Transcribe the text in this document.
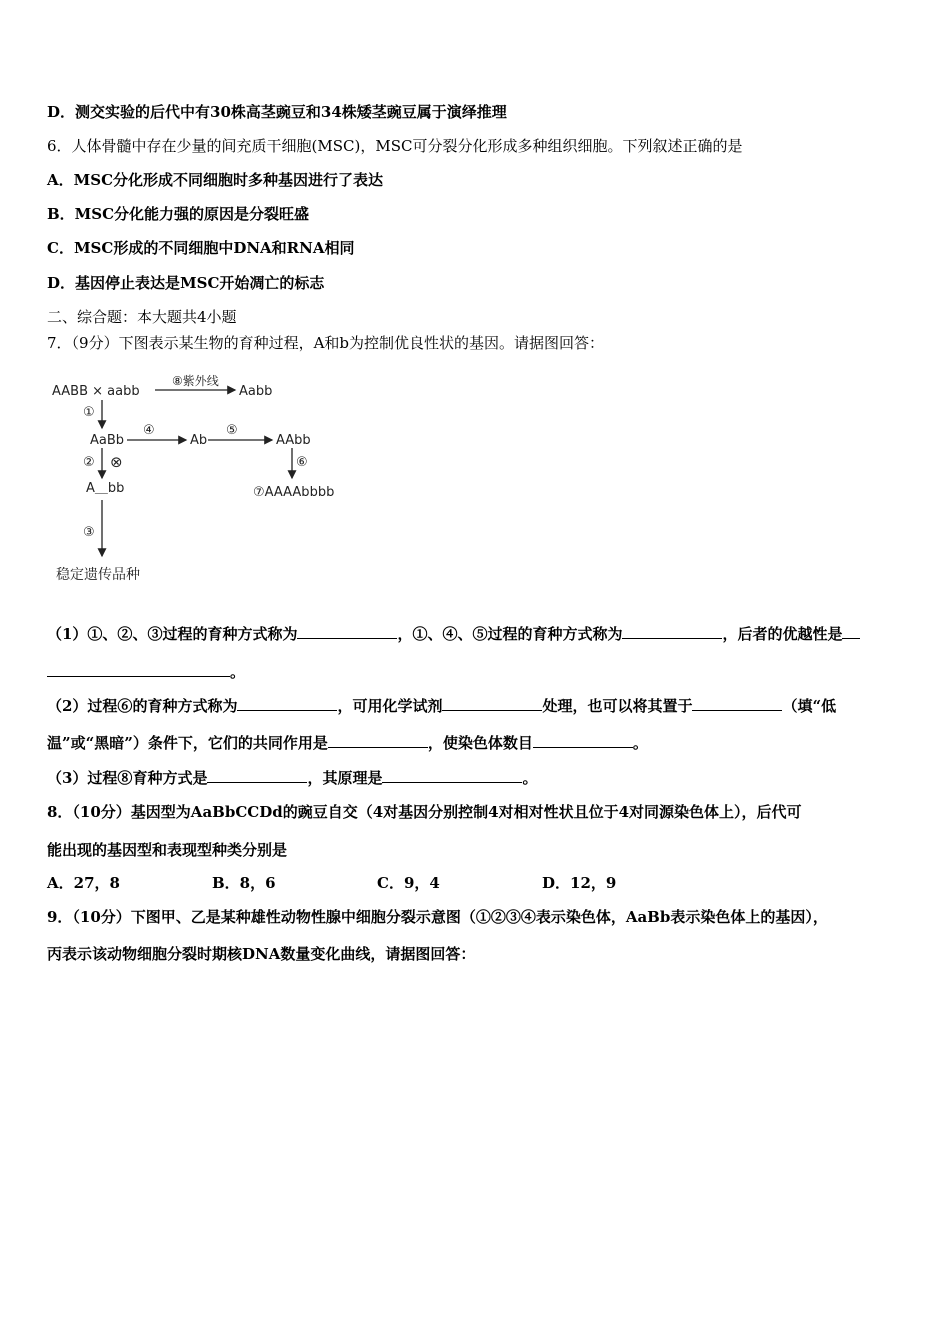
D．测交实验的后代中有30株高茎豌豆和34株矮茎豌豆属于演绎推理
6．人体骨髓中存在少量的间充质干细胞(MSC)，MSC可分裂分化形成多种组织细胞。下列叙述正确的是
A．MSC分化形成不同细胞时多种基因进行了表达
B．MSC分化能力强的原因是分裂旺盛
C．MSC形成的不同细胞中DNA和RNA相同
D．基因停止表达是MSC开始凋亡的标志
二、综合题：本大题共4小题
7．（9分）下图表示某生物的育种过程，A和b为控制优良性状的基因。请据图回答：
AABB × aabb
⑧紫外线
Aabb
①
AaBb
④
Ab
⑤
AAbb
② ⊗	⑥
A＿bb	⑦AAAAbbbb
③
稳定遗传品种
（1）①、②、③过程的育种方式称为	，①、④、⑤过程的育种方式称为	，后者的优越性是
。
（2）过程⑥的育种方式称为	，可用化学试剂	处理，也可以将其置于	（填“低
温”或“黑暗”）条件下，它们的共同作用是	，使染色体数目	。
（3）过程⑧育种方式是	，其原理是	。
8．（10分）基因型为AaBbCCDd的豌豆自交（4对基因分别控制4对相对性状且位于4对同源染色体上），后代可
能出现的基因型和表现型种类分别是
A．27，8	B．8，6	C．9，4	D．12，9
9．（10分）下图甲、乙是某种雄性动物性腺中细胞分裂示意图（①②③④表示染色体，AaBb表示染色体上的基因），
丙表示该动物细胞分裂时期核DNA数量变化曲线，请据图回答：
